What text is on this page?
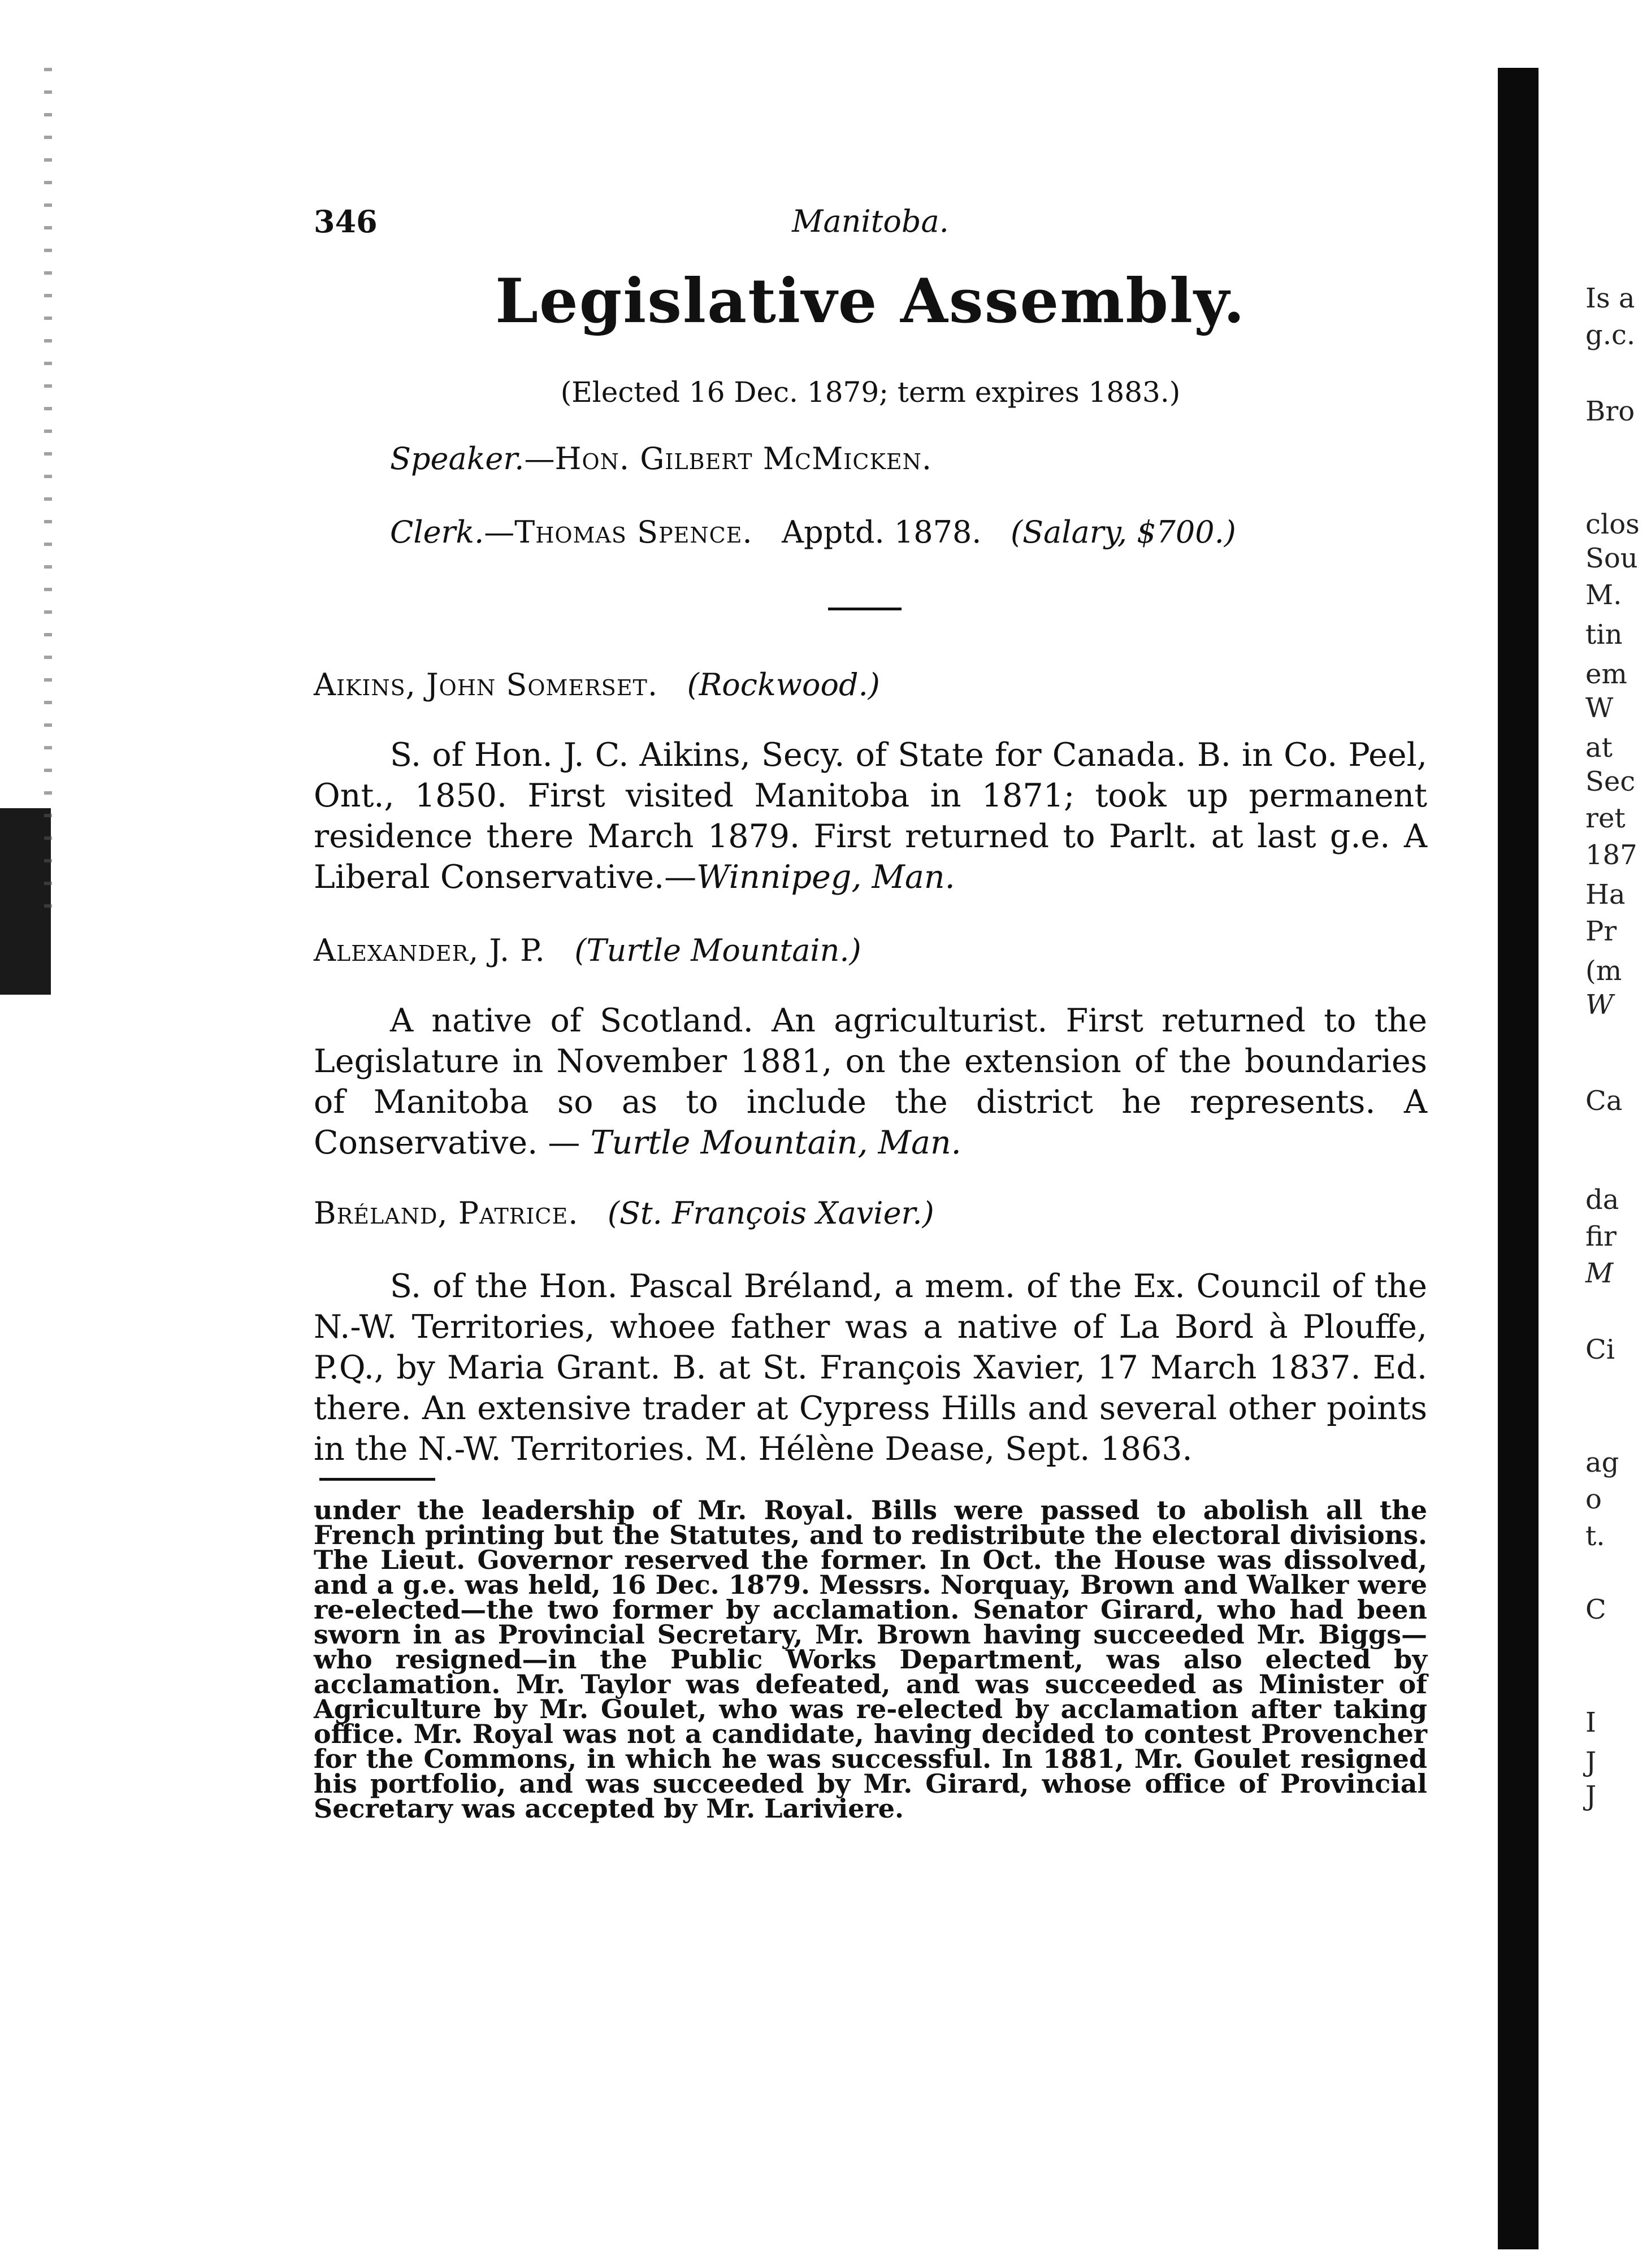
346	Manitoba.
Legislative Assembly.
(Elected 16 Dec. 1879; term expires 1883.)
Speaker.—Hon. Gilbert McMicken.
Clerk.—Thomas Spence. Apptd. 1878. (Salary, $700.)
Aikins, John Somerset. (Rockwood.)
S. of Hon. J. C. Aikins, Secy. of State for Canada. B. in Co. Peel, Ont., 1850. First visited Manitoba in 1871; took up permanent residence there March 1879. First returned to Parlt. at last g.e. A Liberal Conservative.—Winnipeg, Man.
Alexander, J. P. (Turtle Mountain.)
A native of Scotland. An agriculturist. First returned to the Legislature in November 1881, on the extension of the boundaries of Manitoba so as to include the district he represents. A Conservative. — Turtle Mountain, Man.
Bréland, Patrice. (St. François Xavier.)
S. of the Hon. Pascal Bréland, a mem. of the Ex. Council of the N.-W. Territories, whoee father was a native of La Bord à Plouffe, P.Q., by Maria Grant. B. at St. François Xavier, 17 March 1837. Ed. there. An extensive trader at Cypress Hills and several other points in the N.-W. Territories. M. Hélène Dease, Sept. 1863.
under the leadership of Mr. Royal. Bills were passed to abolish all the French printing but the Statutes, and to redistribute the electoral divisions. The Lieut. Governor reserved the former. In Oct. the House was dissolved, and a g.e. was held, 16 Dec. 1879. Messrs. Norquay, Brown and Walker were re-elected—the two former by acclamation. Senator Girard, who had been sworn in as Provincial Secretary, Mr. Brown having succeeded Mr. Biggs—who resigned—in the Public Works Department, was also elected by acclamation. Mr. Taylor was defeated, and was succeeded as Minister of Agriculture by Mr. Goulet, who was re-elected by acclamation after taking office. Mr. Royal was not a candidate, having decided to contest Provencher for the Commons, in which he was successful. In 1881, Mr. Goulet resigned his portfolio, and was succeeded by Mr. Girard, whose office of Provincial Secretary was accepted by Mr. Lariviere.
Is a
g.c.
Bro
clos
Sou
M.
tin
em
W
at
Sec
ret
187
Ha
Pr
(m
W
Ca
da
fir
M
Ci
ag
o
t.
C
I
J
J
